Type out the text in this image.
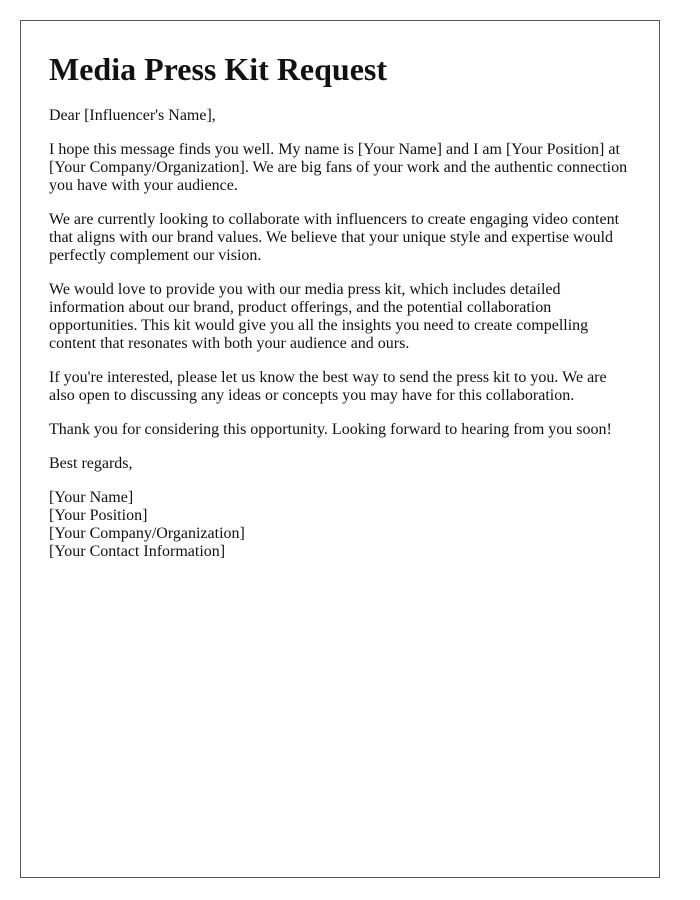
Media Press Kit Request

Dear [Influencer's Name],

I hope this message finds you well. My name is [Your Name] and I am [Your Position] at [Your Company/Organization]. We are big fans of your work and the authentic connection you have with your audience.

We are currently looking to collaborate with influencers to create engaging video content that aligns with our brand values. We believe that your unique style and expertise would perfectly complement our vision.

We would love to provide you with our media press kit, which includes detailed information about our brand, product offerings, and the potential collaboration opportunities. This kit would give you all the insights you need to create compelling content that resonates with both your audience and ours.

If you're interested, please let us know the best way to send the press kit to you. We are also open to discussing any ideas or concepts you may have for this collaboration.

Thank you for considering this opportunity. Looking forward to hearing from you soon!

Best regards,

[Your Name]

[Your Position]

[Your Company/Organization]

[Your Contact Information]
